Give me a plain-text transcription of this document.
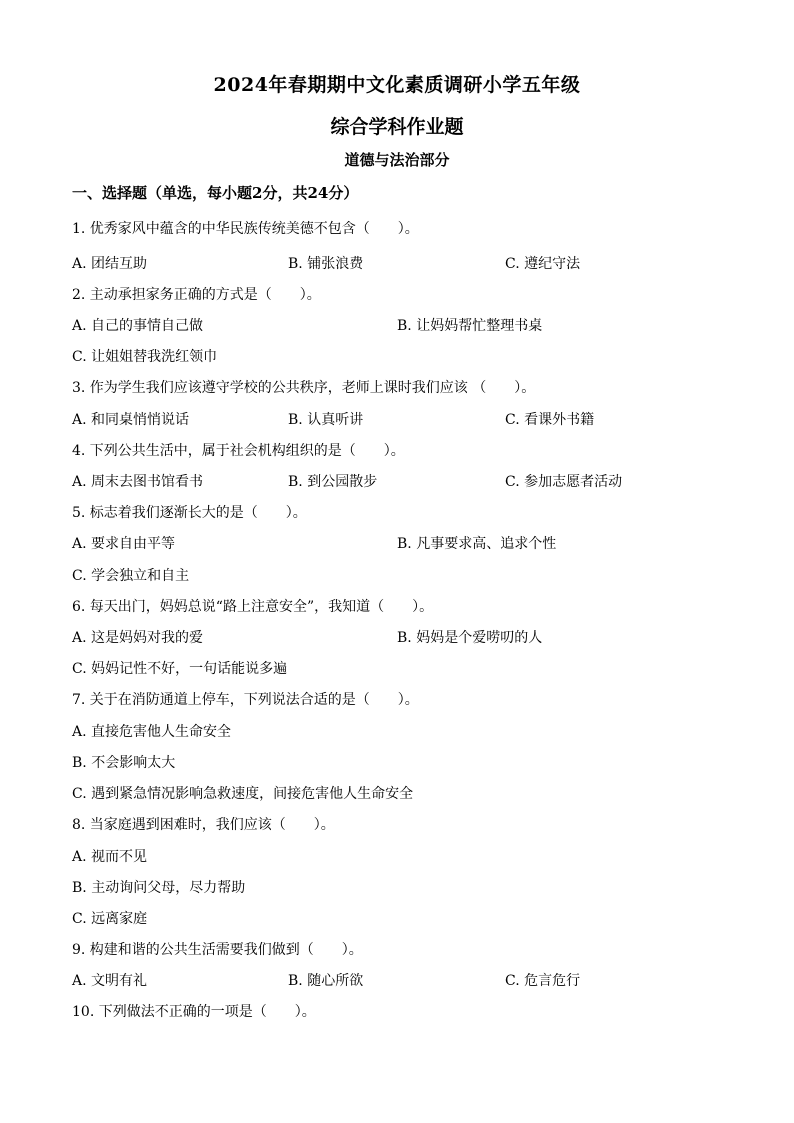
2024年春期期中文化素质调研小学五年级
综合学科作业题
道德与法治部分
一、选择题（单选，每小题2分，共24分）
1. 优秀家风中蕴含的中华民族传统美德不包含（　　）。
A. 团结互助	B. 铺张浪费	C. 遵纪守法
2. 主动承担家务正确的方式是（　　）。
A. 自己的事情自己做	B. 让妈妈帮忙整理书桌
C. 让姐姐替我洗红领巾
3. 作为学生我们应该遵守学校的公共秩序，老师上课时我们应该 （　　）。
A. 和同桌悄悄说话	B. 认真听讲	C. 看课外书籍
4. 下列公共生活中，属于社会机构组织的是（　　）。
A. 周末去图书馆看书	B. 到公园散步	C. 参加志愿者活动
5. 标志着我们逐渐长大的是（　　）。
A. 要求自由平等	B. 凡事要求高、追求个性
C. 学会独立和自主
6. 每天出门，妈妈总说“路上注意安全”，我知道（　　）。
A. 这是妈妈对我的爱	B. 妈妈是个爱唠叨的人
C. 妈妈记性不好，一句话能说多遍
7. 关于在消防通道上停车，下列说法合适的是（　　）。
A. 直接危害他人生命安全
B. 不会影响太大
C. 遇到紧急情况影响急救速度，间接危害他人生命安全
8. 当家庭遇到困难时，我们应该（　　）。
A. 视而不见
B. 主动询问父母，尽力帮助
C. 远离家庭
9. 构建和谐的公共生活需要我们做到（　　）。
A. 文明有礼	B. 随心所欲	C. 危言危行
10. 下列做法不正确的一项是（　　）。
